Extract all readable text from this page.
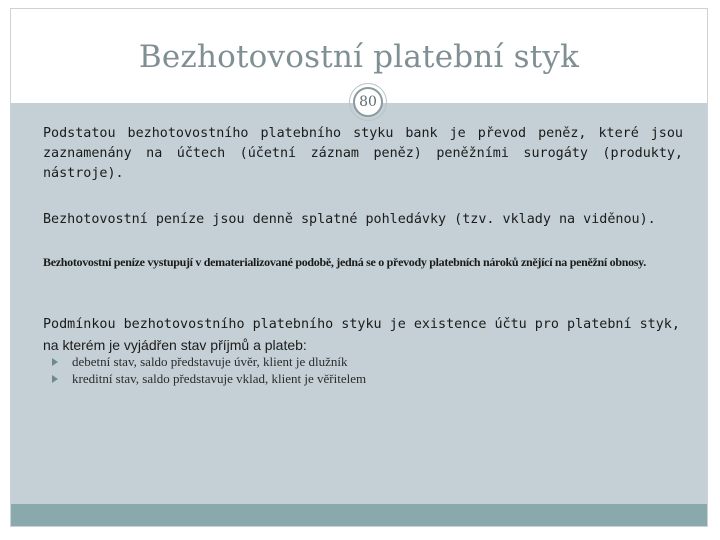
Bezhotovostní platební styk
80
Podstatou bezhotovostního platebního styku bank je převod peněz, které jsou zaznamenány na účtech (účetní záznam peněz) peněžními surogáty (produkty, nástroje).
Bezhotovostní peníze jsou denně splatné pohledávky (tzv. vklady na viděnou).
Bezhotovostní peníze vystupují v dematerializované podobě, jedná se o převody platebních nároků znějící na peněžní obnosy.
Podmínkou bezhotovostního platebního styku je existence účtu pro platební styk, na kterém je vyjádřen stav příjmů a plateb:
debetní stav, saldo představuje úvěr, klient je dlužník
kreditní stav, saldo představuje vklad, klient je věřitelem
